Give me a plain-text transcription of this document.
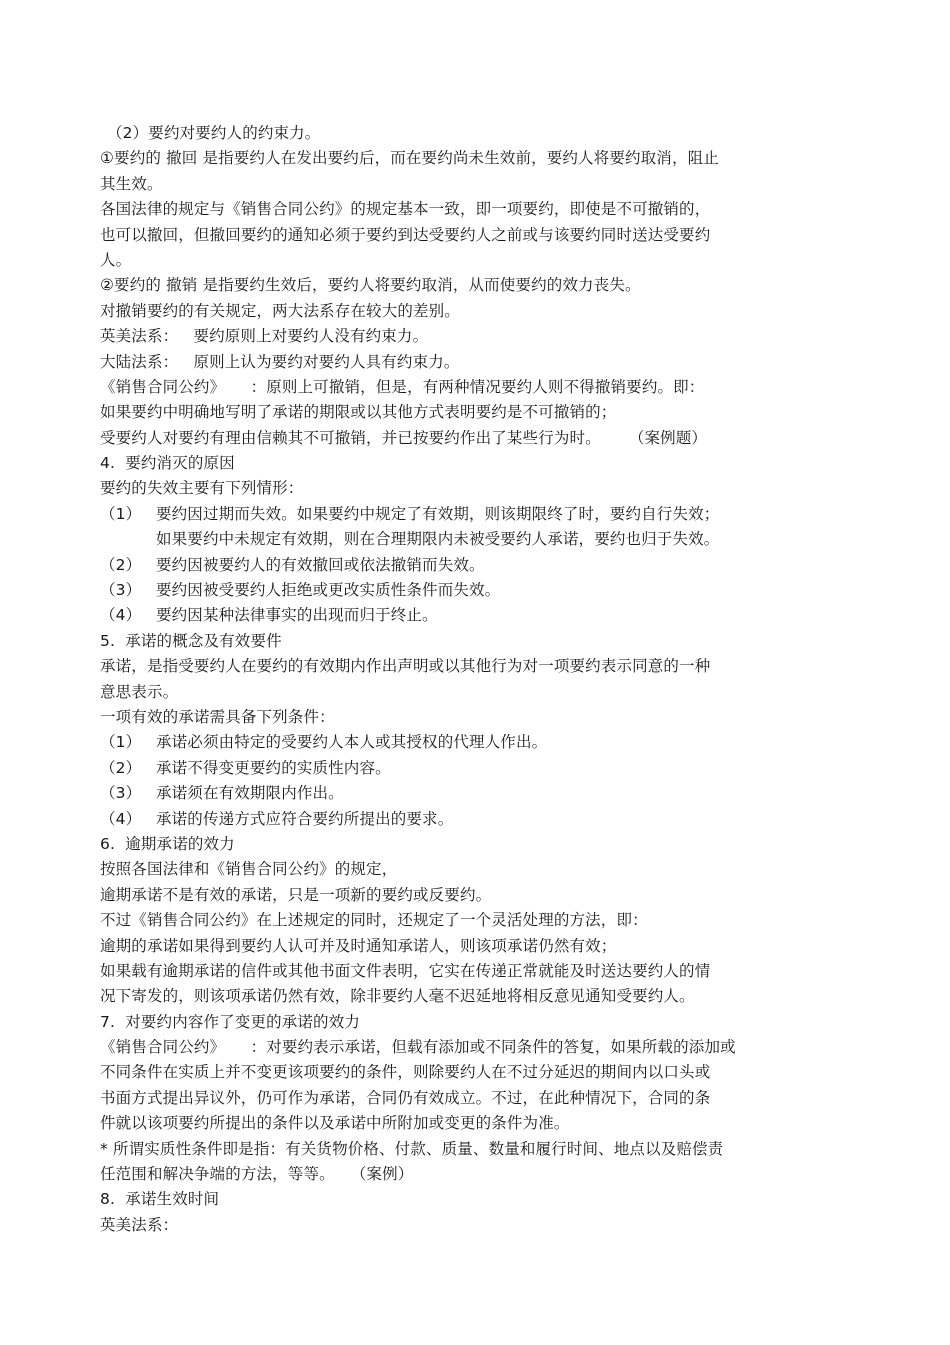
（2）要约对要约人的约束力。
①要约的 撤回 是指要约人在发出要约后，而在要约尚未生效前，要约人将要约取消，阻止
其生效。
各国法律的规定与《销售合同公约》的规定基本一致，即一项要约，即使是不可撤销的，
也可以撤回，但撤回要约的通知必须于要约到达受要约人之前或与该要约同时送达受要约
人。
②要约的 撤销 是指要约生效后，要约人将要约取消，从而使要约的效力丧失。
对撤销要约的有关规定，两大法系存在较大的差别。
英美法系：   要约原则上对要约人没有约束力。
大陆法系：   原则上认为要约对要约人具有约束力。
《销售合同公约》     ：原则上可撤销，但是，有两种情况要约人则不得撤销要约。即：
如果要约中明确地写明了承诺的期限或以其他方式表明要约是不可撤销的；
受要约人对要约有理由信赖其不可撤销，并已按要约作出了某些行为时。 （案例题）
4.  要约消灭的原因
要约的失效主要有下列情形：
（1） 要约因过期而失效。如果要约中规定了有效期，则该期限终了时，要约自行失效；
如果要约中未规定有效期，则在合理期限内未被受要约人承诺，要约也归于失效。
（2） 要约因被要约人的有效撤回或依法撤销而失效。
（3） 要约因被受要约人拒绝或更改实质性条件而失效。
（4） 要约因某种法律事实的出现而归于终止。
5.  承诺的概念及有效要件
承诺，是指受要约人在要约的有效期内作出声明或以其他行为对一项要约表示同意的一种
意思表示。
一项有效的承诺需具备下列条件：
（1） 承诺必须由特定的受要约人本人或其授权的代理人作出。
（2） 承诺不得变更要约的实质性内容。
（3） 承诺须在有效期限内作出。
（4） 承诺的传递方式应符合要约所提出的要求。
6.  逾期承诺的效力
按照各国法律和《销售合同公约》的规定，
逾期承诺不是有效的承诺，只是一项新的要约或反要约。
不过《销售合同公约》在上述规定的同时，还规定了一个灵活处理的方法，即：
逾期的承诺如果得到要约人认可并及时通知承诺人，则该项承诺仍然有效；
如果载有逾期承诺的信件或其他书面文件表明，它实在传递正常就能及时送达要约人的情
况下寄发的，则该项承诺仍然有效，除非要约人毫不迟延地将相反意见通知受要约人。
7.  对要约内容作了变更的承诺的效力
《销售合同公约》     ：对要约表示承诺，但载有添加或不同条件的答复，如果所载的添加或
不同条件在实质上并不变更该项要约的条件，则除要约人在不过分延迟的期间内以口头或
书面方式提出异议外，仍可作为承诺，合同仍有效成立。不过，在此种情况下，合同的条
件就以该项要约所提出的条件以及承诺中所附加或变更的条件为准。
* 所谓实质性条件即是指：有关货物价格、付款、质量、数量和履行时间、地点以及赔偿责
任范围和解决争端的方法，等等。 （案例）
8.  承诺生效时间
英美法系：
